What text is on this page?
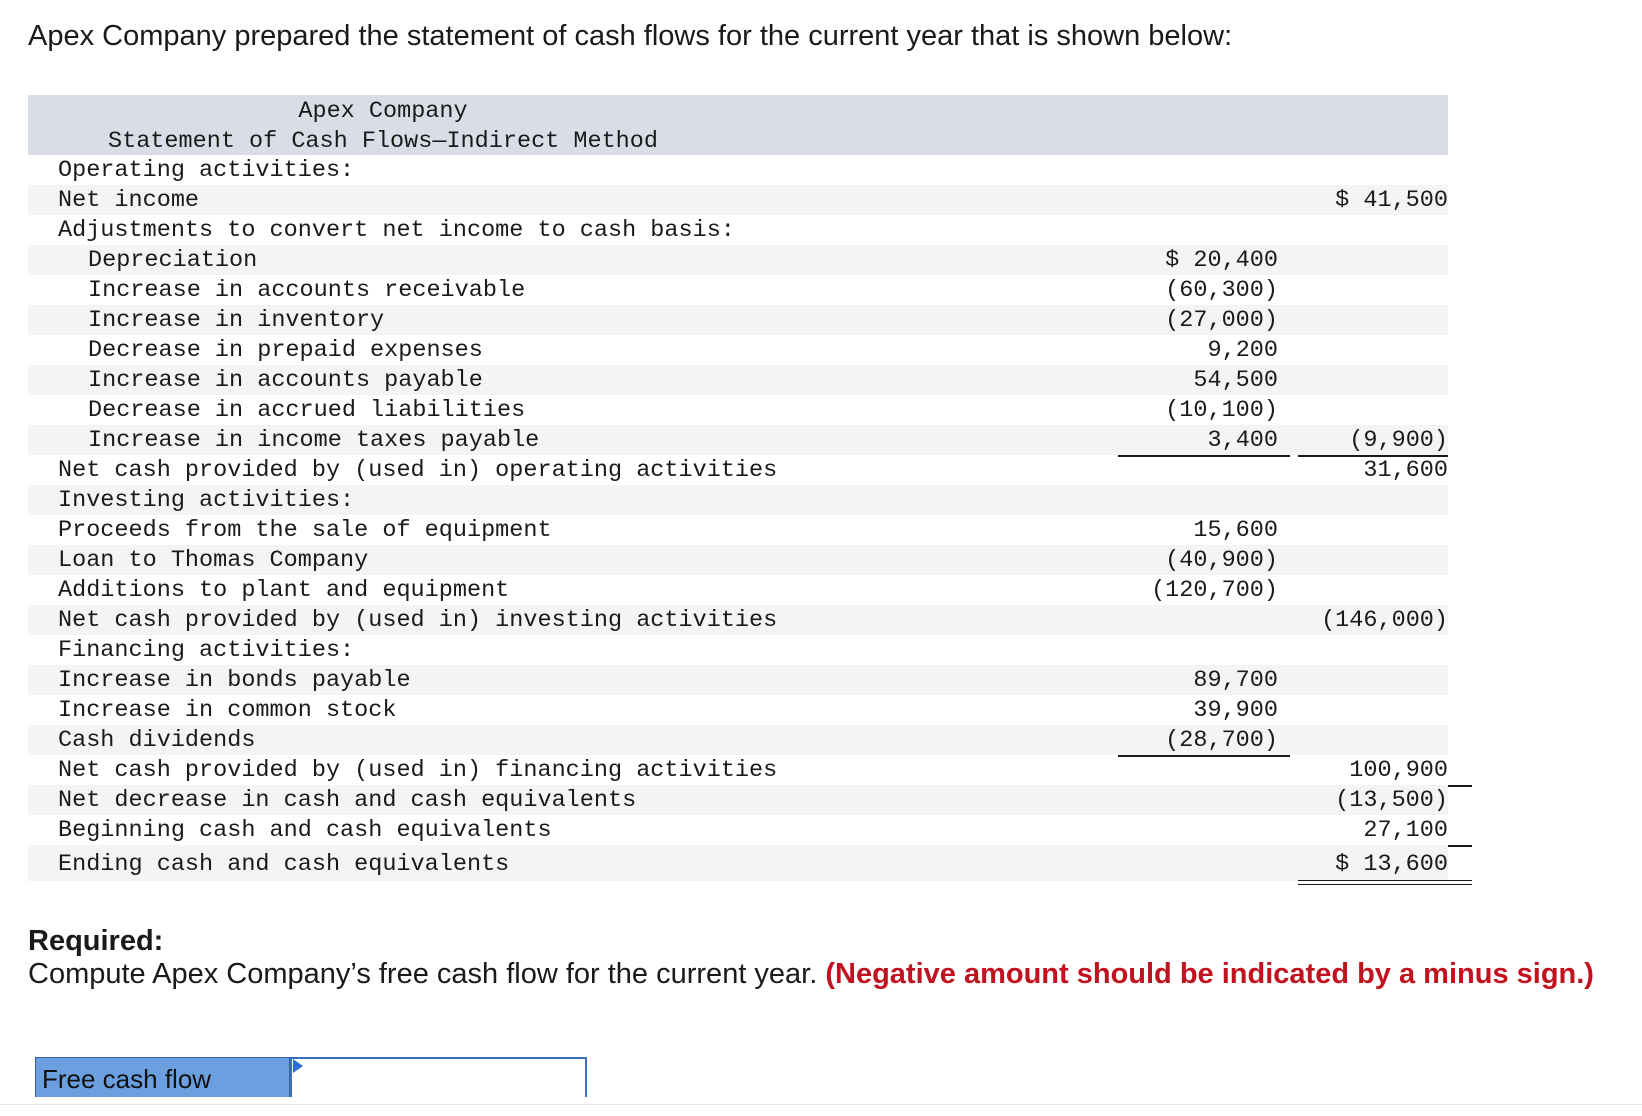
Apex Company prepared the statement of cash flows for the current year that is shown below:
Apex Company
Statement of Cash Flows—Indirect Method
Operating activities:
Net income	$ 41,500
Adjustments to convert net income to cash basis:
Depreciation	$ 20,400
Increase in accounts receivable	(60,300)
Increase in inventory	(27,000)
Decrease in prepaid expenses	9,200
Increase in accounts payable	54,500
Decrease in accrued liabilities	(10,100)
Increase in income taxes payable	3,400	(9,900)
Net cash provided by (used in) operating activities	31,600
Investing activities:
Proceeds from the sale of equipment	15,600
Loan to Thomas Company	(40,900)
Additions to plant and equipment	(120,700)
Net cash provided by (used in) investing activities	(146,000)
Financing activities:
Increase in bonds payable	89,700
Increase in common stock	39,900
Cash dividends	(28,700)
Net cash provided by (used in) financing activities	100,900
Net decrease in cash and cash equivalents	(13,500)
Beginning cash and cash equivalents	27,100
Ending cash and cash equivalents	$ 13,600
Required:
Compute Apex Company’s free cash flow for the current year. (Negative amount should be indicated by a minus sign.)
Free cash flow
